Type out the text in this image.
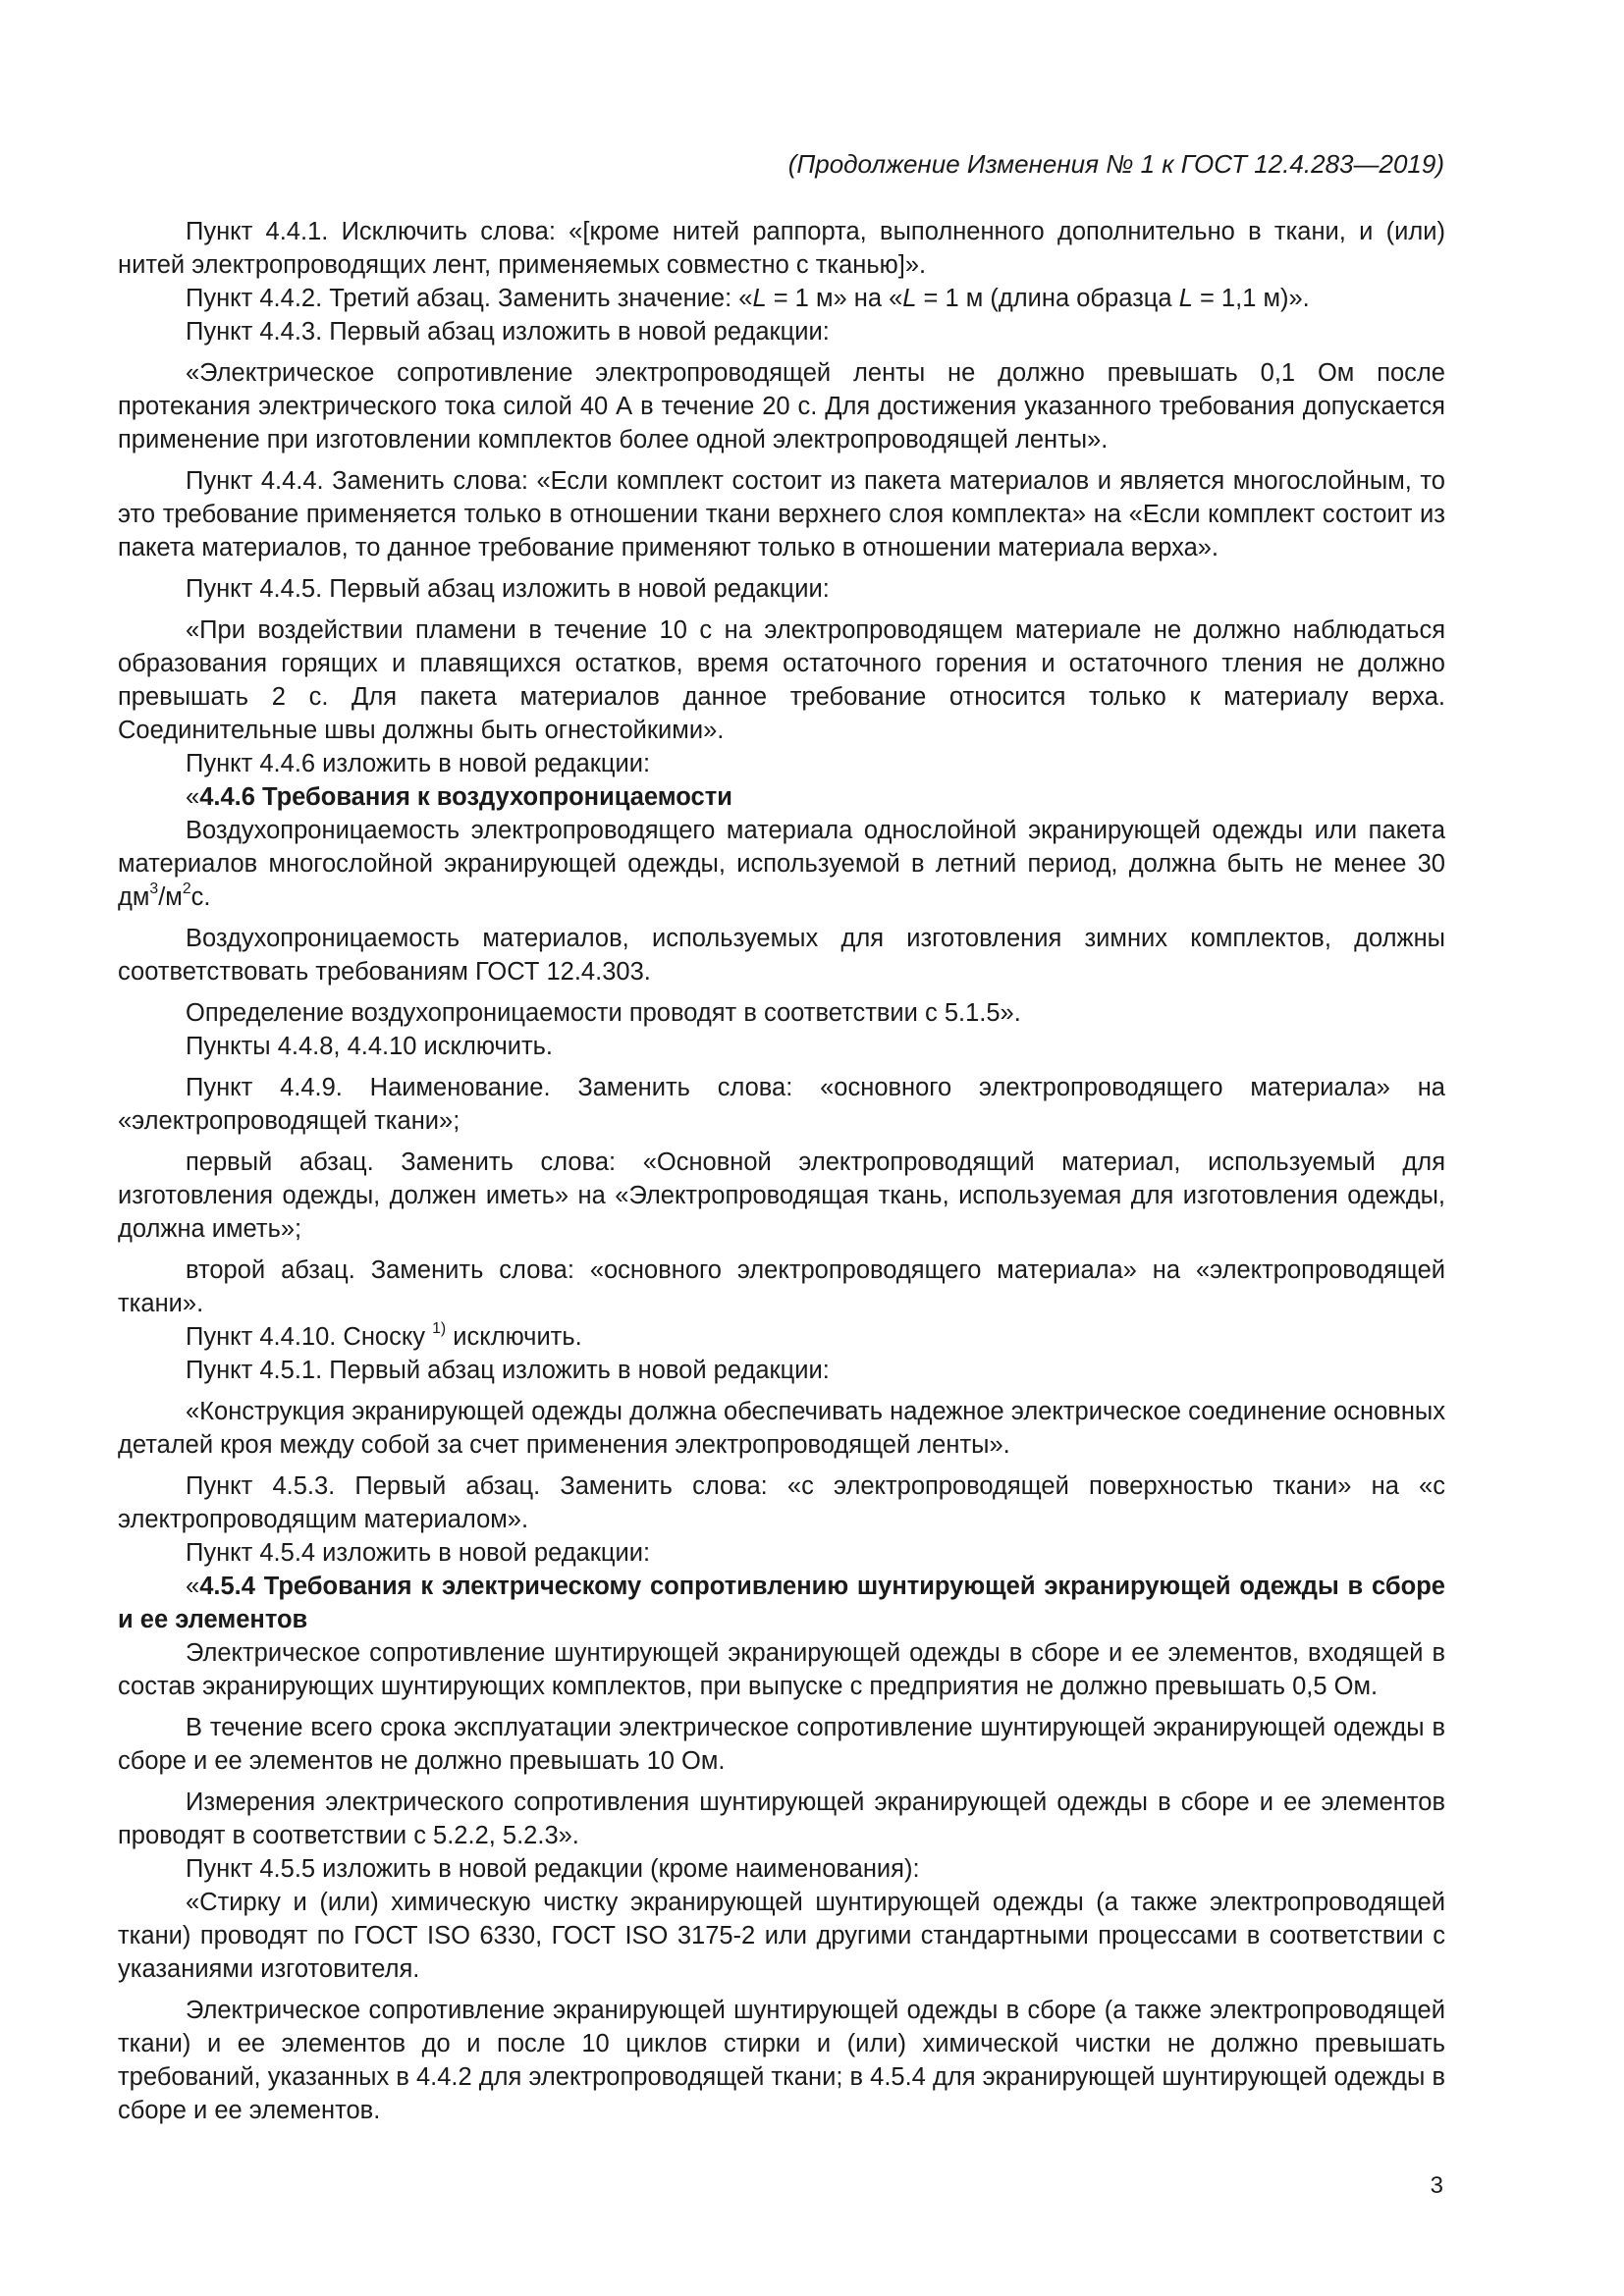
(Продолжение Изменения № 1 к ГОСТ 12.4.283—2019)

Пункт 4.4.1. Исключить слова: «[кроме нитей раппорта, выполненного дополнительно в ткани, и (или) нитей электропроводящих лент, применяемых совместно с тканью]».

Пункт 4.4.2. Третий абзац. Заменить значение: «L = 1 м» на «L = 1 м (длина образца L = 1,1 м)».

Пункт 4.4.3. Первый абзац изложить в новой редакции:

«Электрическое сопротивление электропроводящей ленты не должно превышать 0,1 Ом после протекания электрического тока силой 40 А в течение 20 с. Для достижения указанного требования допускается применение при изготовлении комплектов более одной электропроводящей ленты».

Пункт 4.4.4. Заменить слова: «Если комплект состоит из пакета материалов и является многослойным, то это требование применяется только в отношении ткани верхнего слоя комплекта» на «Если комплект состоит из пакета материалов, то данное требование применяют только в отношении материала верха».

Пункт 4.4.5. Первый абзац изложить в новой редакции:

«При воздействии пламени в течение 10 с на электропроводящем материале не должно наблюдаться образования горящих и плавящихся остатков, время остаточного горения и остаточного тления не должно превышать 2 с. Для пакета материалов данное требование относится только к материалу верха. Соединительные швы должны быть огнестойкими».

Пункт 4.4.6 изложить в новой редакции:

«4.4.6 Требования к воздухопроницаемости

Воздухопроницаемость электропроводящего материала однослойной экранирующей одежды или пакета материалов многослойной экранирующей одежды, используемой в летний период, должна быть не менее 30 $дм^3/м^2с$.

Воздухопроницаемость материалов, используемых для изготовления зимних комплектов, должны соответствовать требованиям ГОСТ 12.4.303.

Определение воздухопроницаемости проводят в соответствии с 5.1.5».

Пункты 4.4.8, 4.4.10 исключить.

Пункт 4.4.9. Наименование. Заменить слова: «основного электропроводящего материала» на «электропроводящей ткани»;

первый абзац. Заменить слова: «Основной электропроводящий материал, используемый для изготовления одежды, должен иметь» на «Электропроводящая ткань, используемая для изготовления одежды, должна иметь»;

второй абзац. Заменить слова: «основного электропроводящего материала» на «электропроводящей ткани».

Пункт 4.4.10. Сноску $^{1)}$ исключить.

Пункт 4.5.1. Первый абзац изложить в новой редакции:

«Конструкция экранирующей одежды должна обеспечивать надежное электрическое соединение основных деталей кроя между собой за счет применения электропроводящей ленты».

Пункт 4.5.3. Первый абзац. Заменить слова: «с электропроводящей поверхностью ткани» на «с электропроводящим материалом».

Пункт 4.5.4 изложить в новой редакции:

«4.5.4 Требования к электрическому сопротивлению шунтирующей экранирующей одежды в сборе и ее элементов

Электрическое сопротивление шунтирующей экранирующей одежды в сборе и ее элементов, входящей в состав экранирующих шунтирующих комплектов, при выпуске с предприятия не должно превышать 0,5 Ом.

В течение всего срока эксплуатации электрическое сопротивление шунтирующей экранирующей одежды в сборе и ее элементов не должно превышать 10 Ом.

Измерения электрического сопротивления шунтирующей экранирующей одежды в сборе и ее элементов проводят в соответствии с 5.2.2, 5.2.3».

Пункт 4.5.5 изложить в новой редакции (кроме наименования):

«Стирку и (или) химическую чистку экранирующей шунтирующей одежды (а также электропроводящей ткани) проводят по ГОСТ ISO 6330, ГОСТ ISO 3175-2 или другими стандартными процессами в соответствии с указаниями изготовителя.

Электрическое сопротивление экранирующей шунтирующей одежды в сборе (а также электропроводящей ткани) и ее элементов до и после 10 циклов стирки и (или) химической чистки не должно превышать требований, указанных в 4.4.2 для электропроводящей ткани; в 4.5.4 для экранирующей шунтирующей одежды в сборе и ее элементов.

3
